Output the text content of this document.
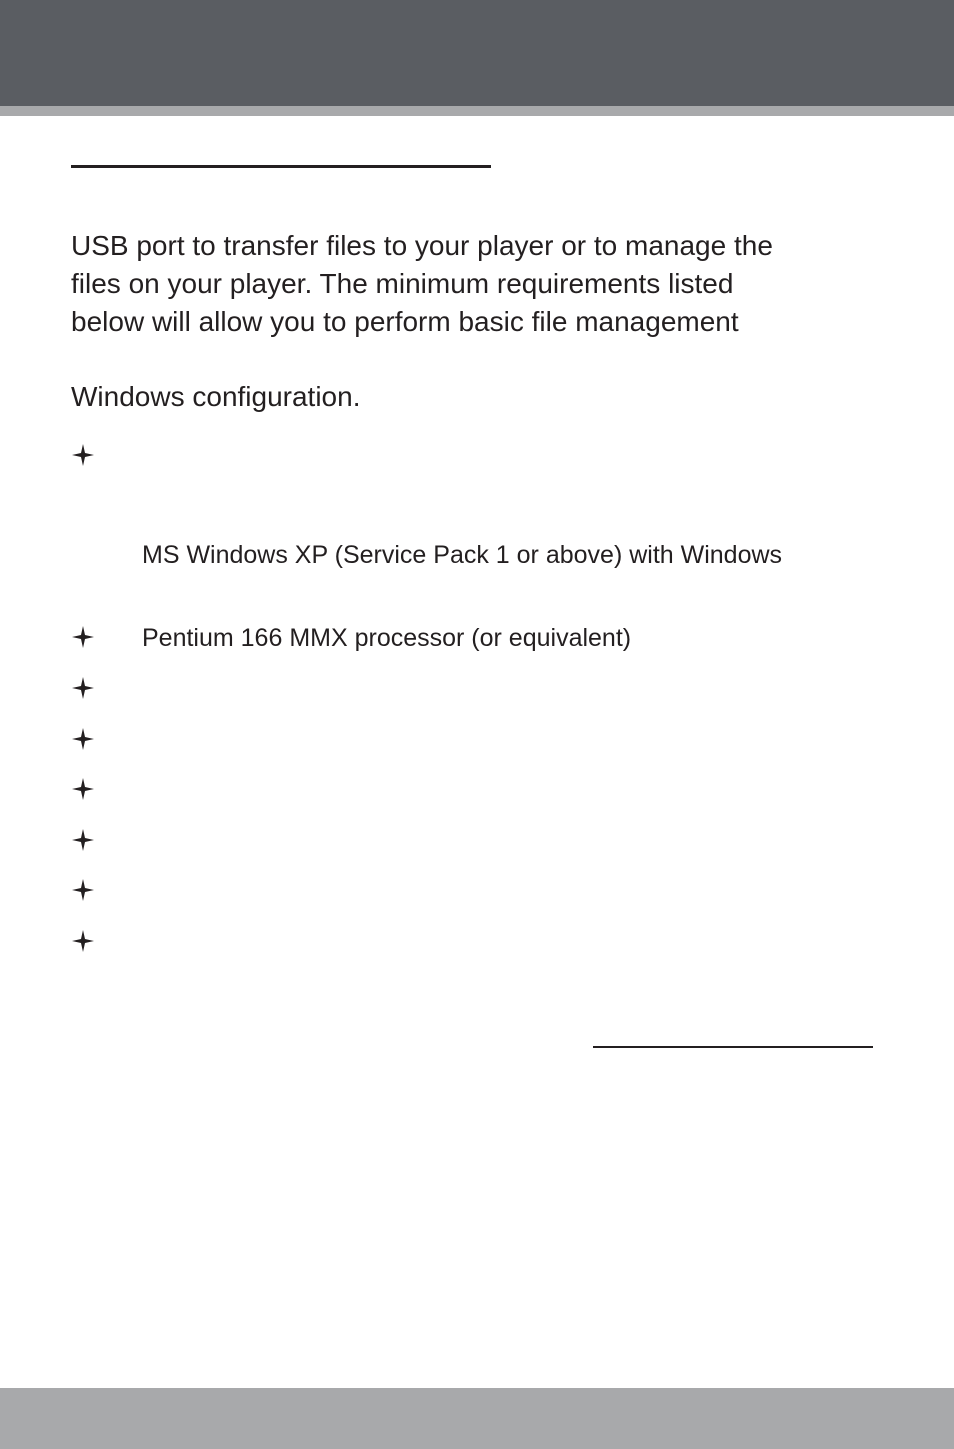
USB port to transfer files to your player or to manage the
files on your player. The minimum requirements listed
below will allow you to perform basic file management
Windows configuration.
MS Windows XP (Service Pack 1 or above) with Windows
Pentium 166 MMX processor (or equivalent)
